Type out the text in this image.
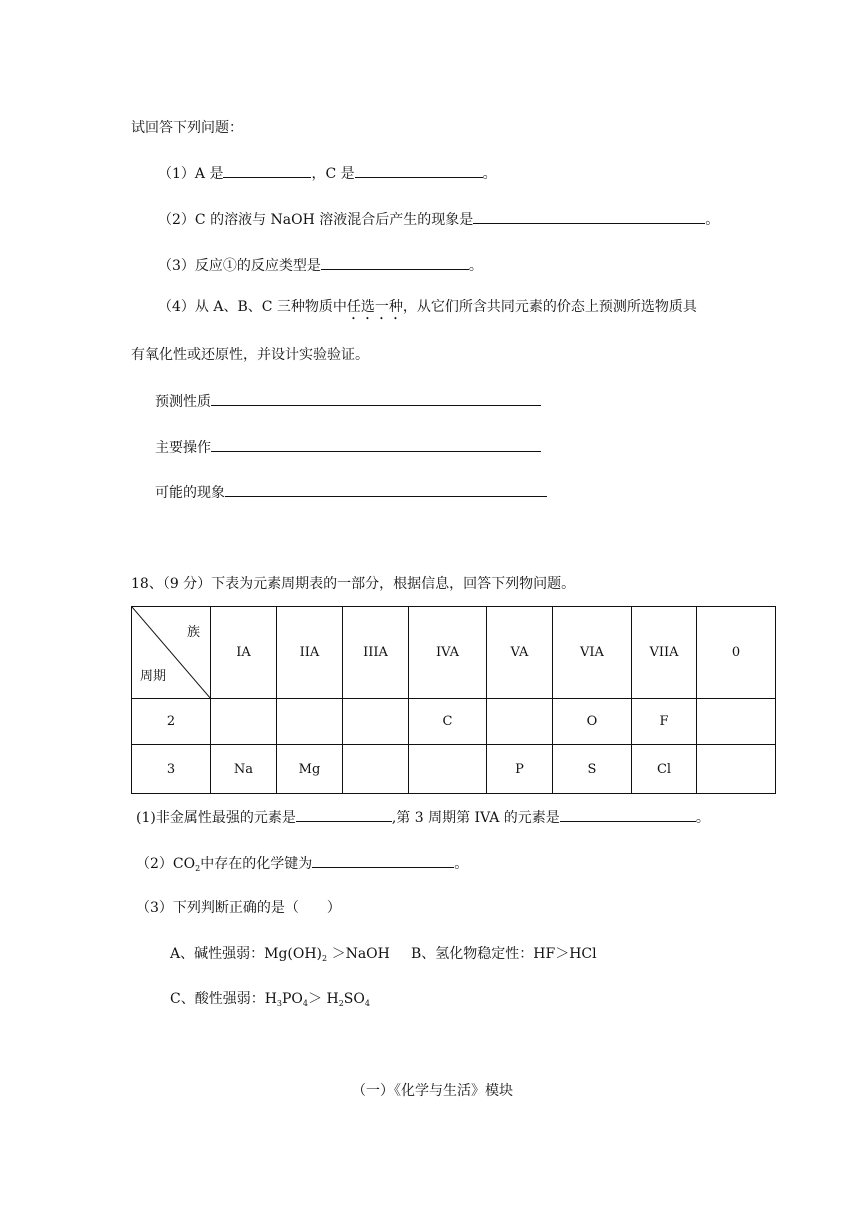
试回答下列问题：
（1）A 是	，C 是	。
（2）C 的溶液与 NaOH 溶液混合后产生的现象是	。
（3）反应①的反应类型是	。
（4）从 A、B、C 三种物质中任选一种，从它们所含共同元素的价态上预测所选物质具
有氧化性或还原性，并设计实验验证。
预测性质
主要操作
可能的现象
18、（9 分）下表为元素周期表的一部分，根据信息，回答下列物问题。
族
周期	IA	IIA	IIIA	IVA	VA	VIA	VIIA	0
2				C		O	F	
3	Na	Mg			P	S	Cl	
(1)非金属性最强的元素是	,第 3 周期第 IVA 的元素是	。
$(2)CO_2$中存在的化学键为	。
（3）下列判断正确的是（　　）
A、碱性强弱：$Mg(OH)_2$ ＞NaOH B、氢化物稳定性：HF＞HCl
C、酸性强弱：$H_3PO_4> H_2SO_4$
（一）《化学与生活》模块
